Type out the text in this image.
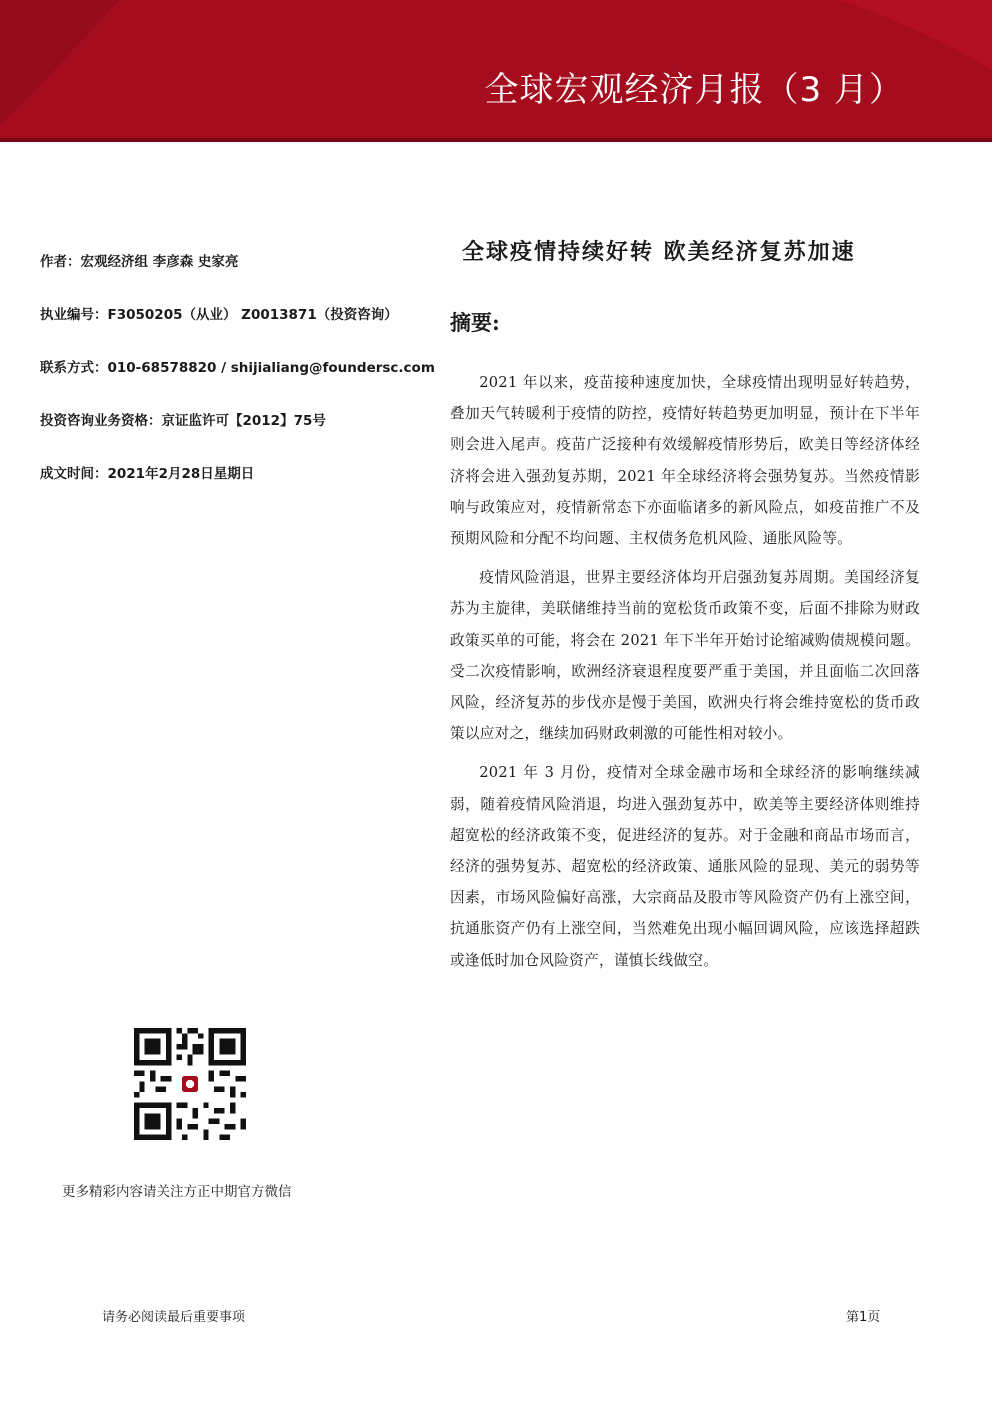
全球宏观经济月报（3 月）
作者：宏观经济组 李彦森 史家亮
执业编号：F3050205（从业） Z0013871（投资咨询）
联系方式：010-68578820 / shijialiang@foundersc.com
投资咨询业务资格：京证监许可【2012】75号
成文时间：2021年2月28日星期日
更多精彩内容请关注方正中期官方微信
全球疫情持续好转 欧美经济复苏加速
摘要:

2021 年以来，疫苗接种速度加快，全球疫情出现明显好转趋势，叠加天气转暖利于疫情的防控，疫情好转趋势更加明显，预计在下半年则会进入尾声。疫苗广泛接种有效缓解疫情形势后，欧美日等经济体经济将会进入强劲复苏期，2021 年全球经济将会强势复苏。当然疫情影响与政策应对，疫情新常态下亦面临诸多的新风险点，如疫苗推广不及预期风险和分配不均问题、主权债务危机风险、通胀风险等。

疫情风险消退，世界主要经济体均开启强劲复苏周期。美国经济复苏为主旋律，美联储维持当前的宽松货币政策不变，后面不排除为财政政策买单的可能，将会在 2021 年下半年开始讨论缩减购债规模问题。受二次疫情影响，欧洲经济衰退程度要严重于美国，并且面临二次回落风险，经济复苏的步伐亦是慢于美国，欧洲央行将会维持宽松的货币政策以应对之，继续加码财政刺激的可能性相对较小。

2021 年 3 月份，疫情对全球金融市场和全球经济的影响继续减弱，随着疫情风险消退，均进入强劲复苏中，欧美等主要经济体则维持超宽松的经济政策不变，促进经济的复苏。对于金融和商品市场而言，经济的强势复苏、超宽松的经济政策、通胀风险的显现、美元的弱势等因素，市场风险偏好高涨，大宗商品及股市等风险资产仍有上涨空间，抗通胀资产仍有上涨空间，当然难免出现小幅回调风险，应该选择超跌或逢低时加仓风险资产，谨慎长线做空。

请务必阅读最后重要事项	第1页
